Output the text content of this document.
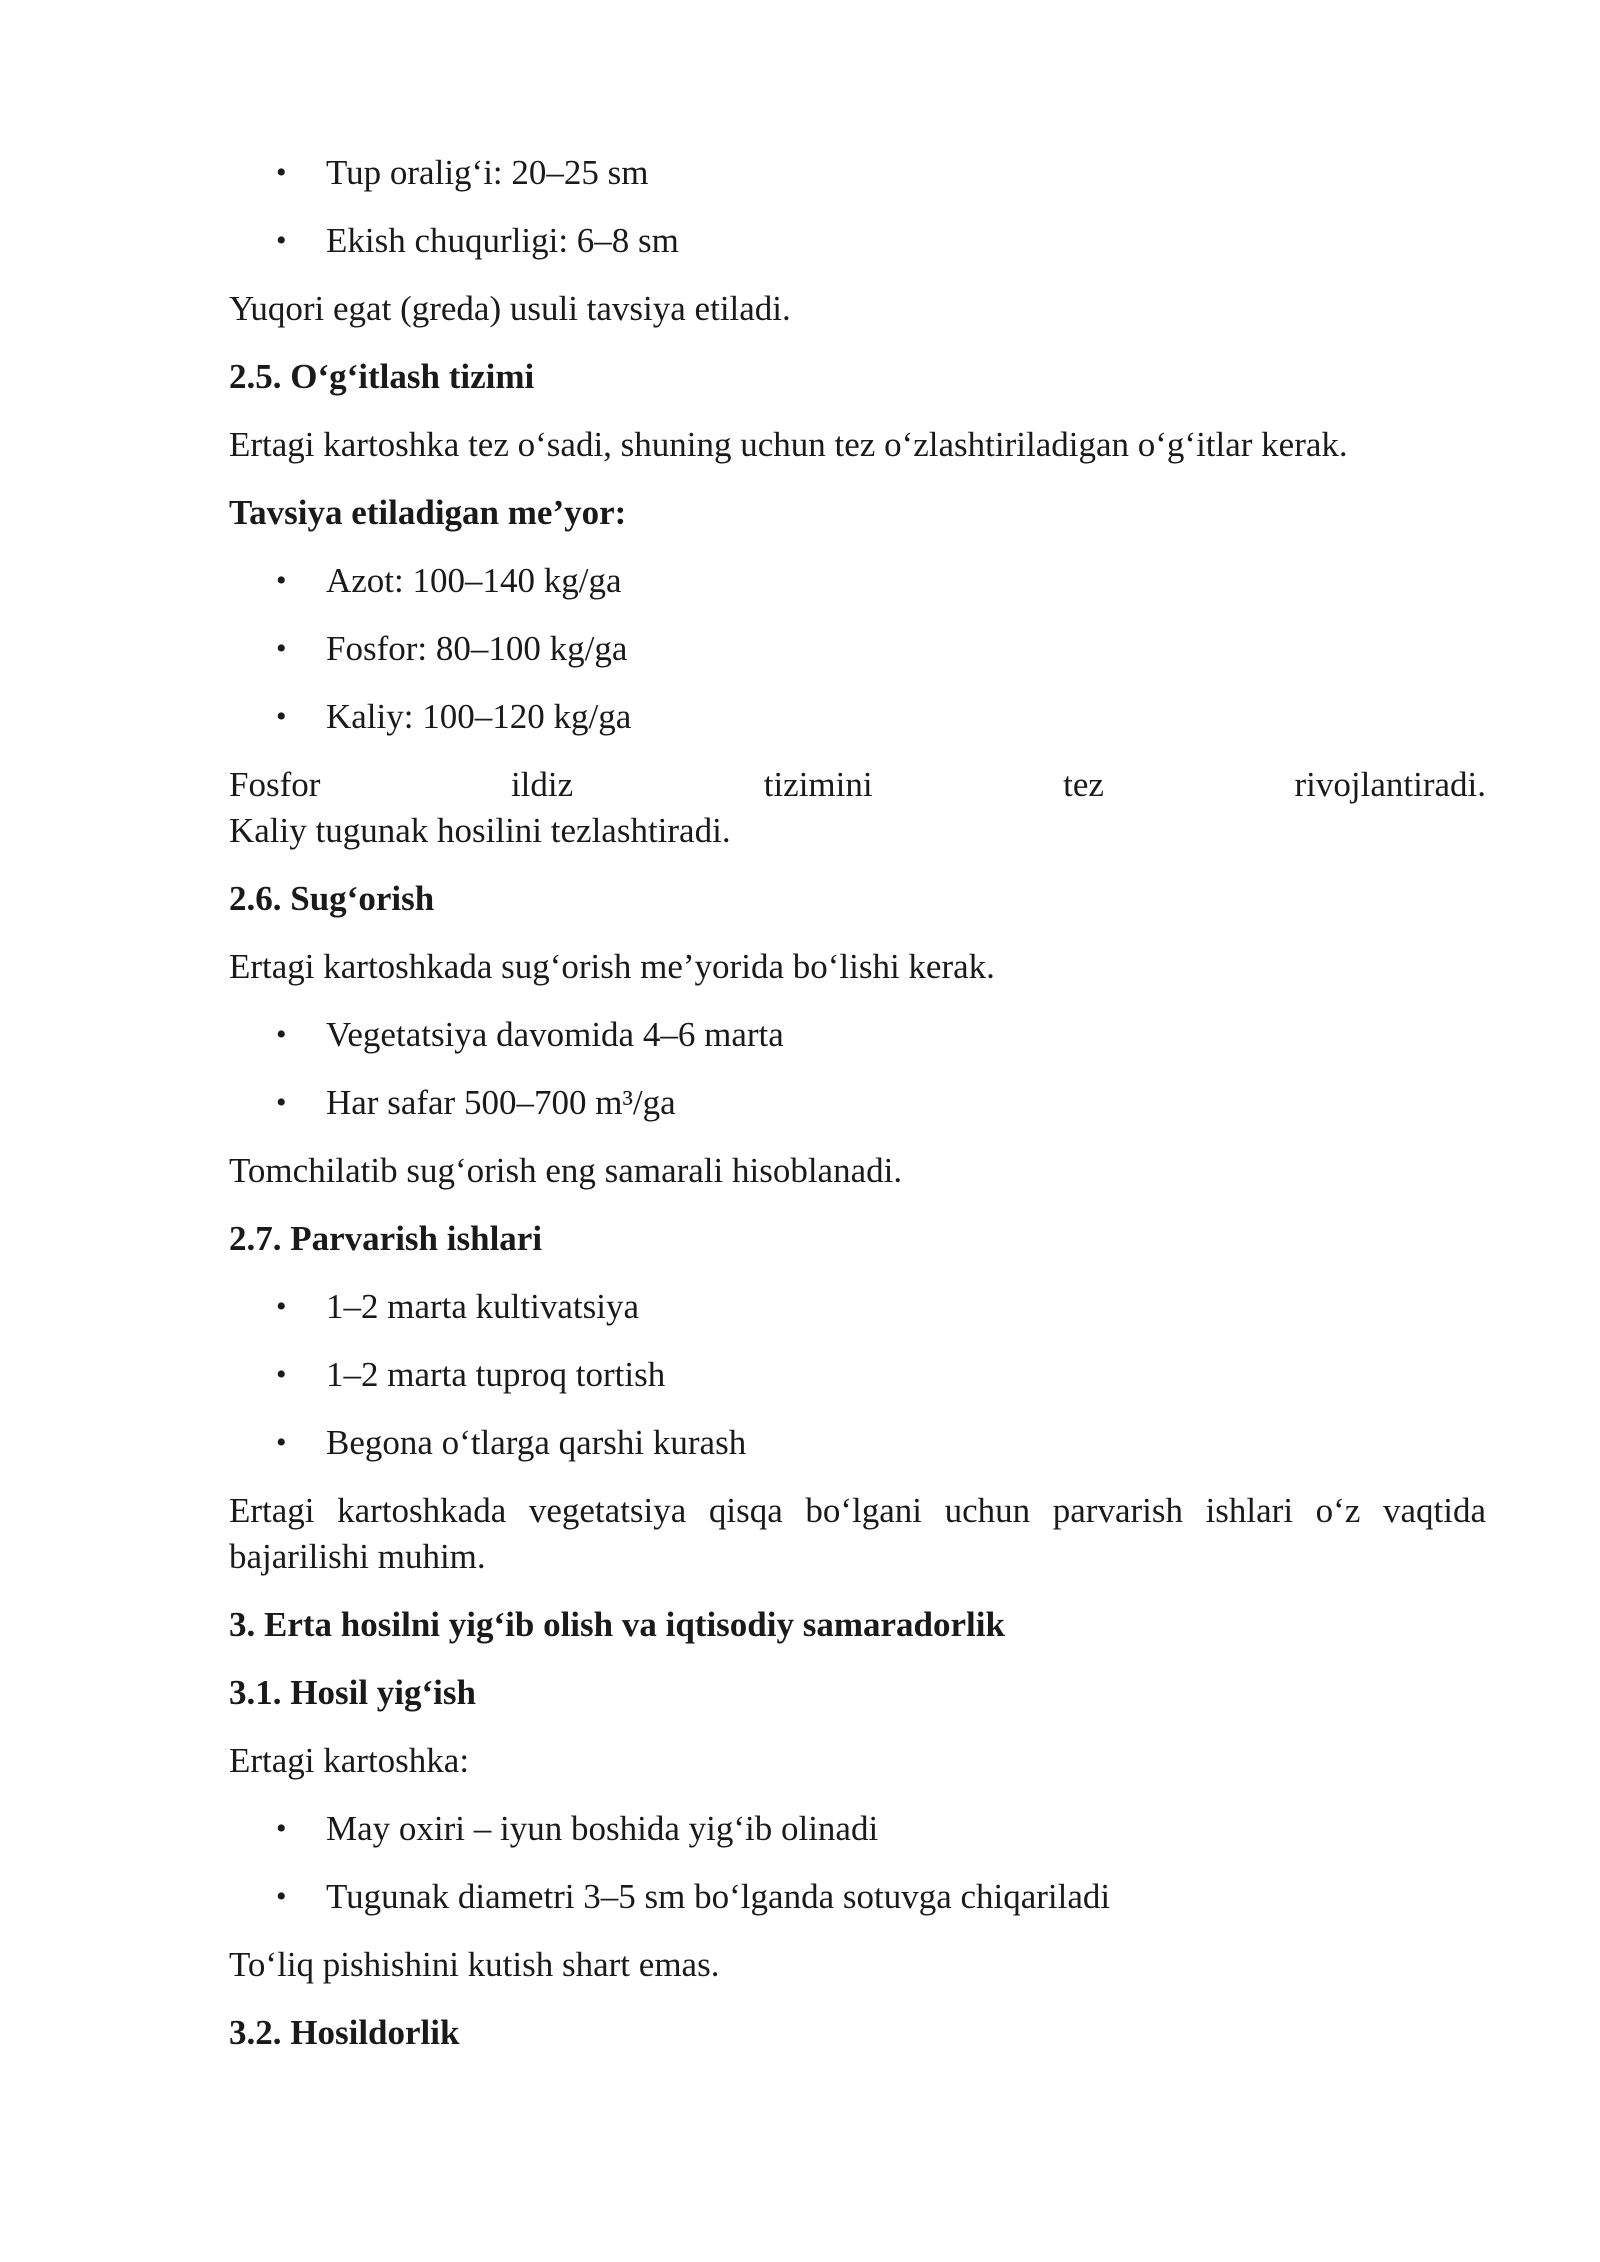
• Tup oralig‘i: 20–25 sm
• Ekish chuqurligi: 6–8 sm

Yuqori egat (greda) usuli tavsiya etiladi.

2.5. O‘g‘itlash tizimi

Ertagi kartoshka tez o‘sadi, shuning uchun tez o‘zlashtiriladigan o‘g‘itlar kerak.

Tavsiya etiladigan me’yor:
• Azot: 100–140 kg/ga
• Fosfor: 80–100 kg/ga
• Kaliy: 100–120 kg/ga

Fosfor ildiz tizimini tez rivojlantiradi.
Kaliy tugunak hosilini tezlashtiradi.

2.6. Sug‘orish

Ertagi kartoshkada sug‘orish me’yorida bo‘lishi kerak.

• Vegetatsiya davomida 4–6 marta
• Har safar 500–700 m³/ga

Tomchilatib sug‘orish eng samarali hisoblanadi.

2.7. Parvarish ishlari
• 1–2 marta kultivatsiya
• 1–2 marta tuproq tortish
• Begona o‘tlarga qarshi kurash

Ertagi kartoshkada vegetatsiya qisqa bo‘lgani uchun parvarish ishlari o‘z vaqtida bajarilishi muhim.

3. Erta hosilni yig‘ib olish va iqtisodiy samaradorlik
3.1. Hosil yig‘ish

Ertagi kartoshka:

• May oxiri – iyun boshida yig‘ib olinadi
• Tugunak diametri 3–5 sm bo‘lganda sotuvga chiqariladi

To‘liq pishishini kutish shart emas.

3.2. Hosildorlik
